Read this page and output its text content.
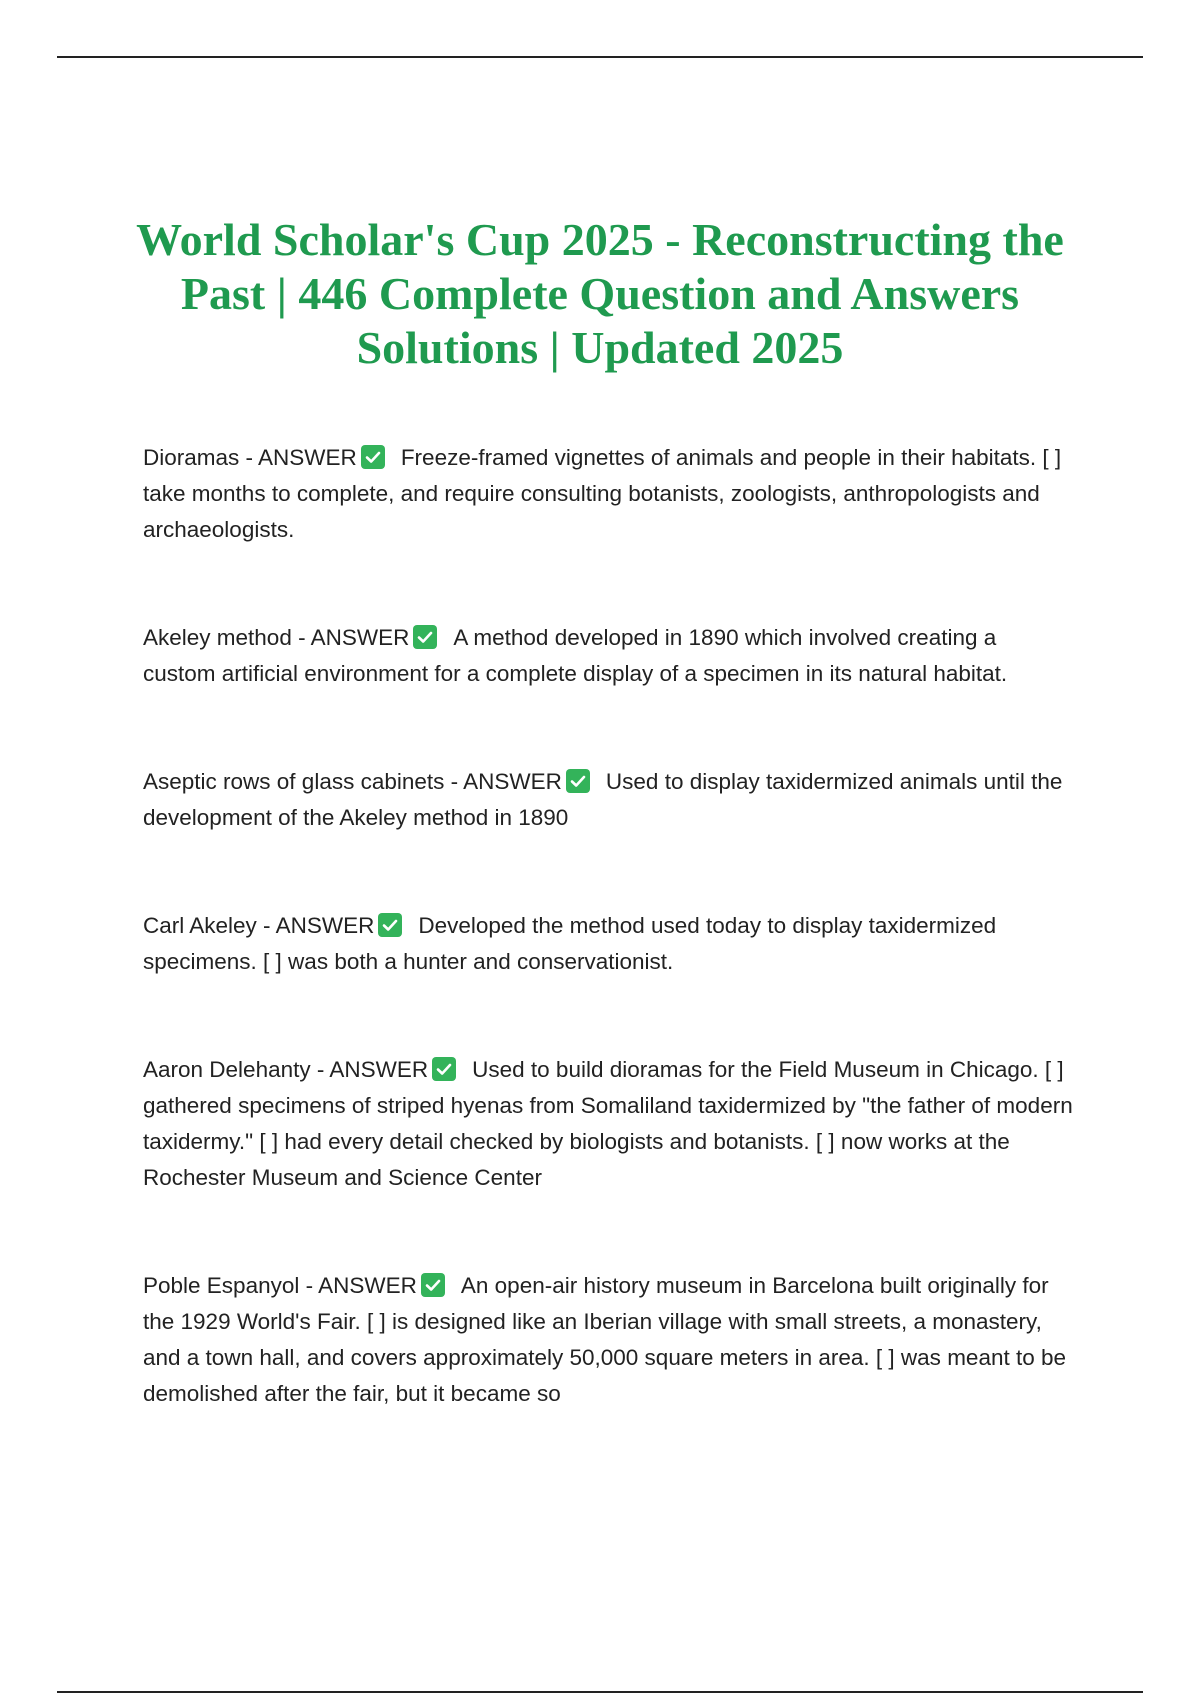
World Scholar's Cup 2025 - Reconstructing the Past | 446 Complete Question and Answers Solutions | Updated 2025

Dioramas - ANSWER Freeze-framed vignettes of animals and people in their habitats. [ ] take months to complete, and require consulting botanists, zoologists, anthropologists and archaeologists.

Akeley method - ANSWER A method developed in 1890 which involved creating a custom artificial environment for a complete display of a specimen in its natural habitat.

Aseptic rows of glass cabinets - ANSWER Used to display taxidermized animals until the development of the Akeley method in 1890

Carl Akeley - ANSWER Developed the method used today to display taxidermized specimens. [ ] was both a hunter and conservationist.

Aaron Delehanty - ANSWER Used to build dioramas for the Field Museum in Chicago. [ ] gathered specimens of striped hyenas from Somaliland taxidermized by "the father of modern taxidermy." [ ] had every detail checked by biologists and botanists. [ ] now works at the Rochester Museum and Science Center

Poble Espanyol - ANSWER An open-air history museum in Barcelona built originally for the 1929 World's Fair. [ ] is designed like an Iberian village with small streets, a monastery, and a town hall, and covers approximately 50,000 square meters in area. [ ] was meant to be demolished after the fair, but it became so
